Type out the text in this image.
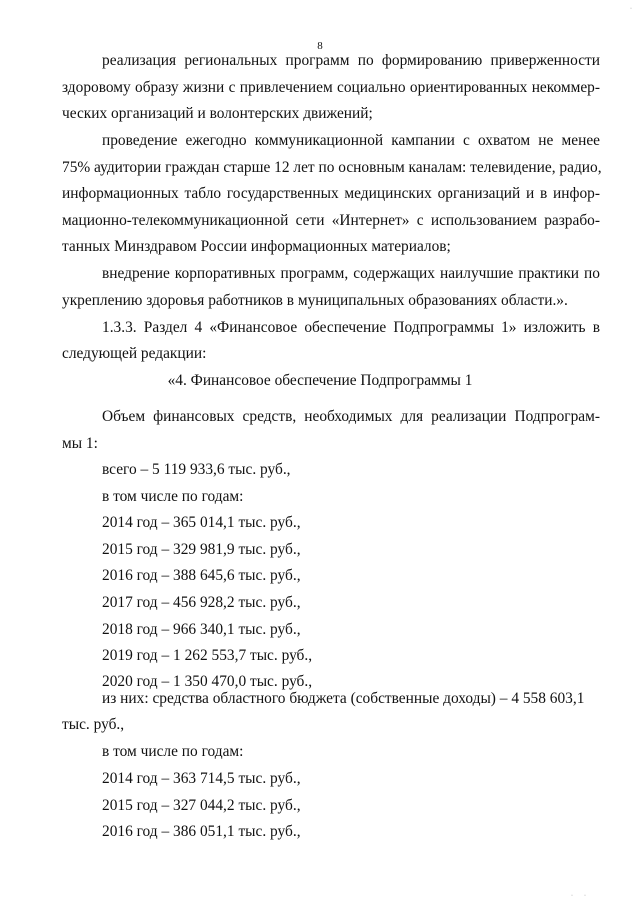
8
реализация региональных программ по формированию приверженности
здоровому образу жизни с привлечением социально ориентированных некоммер-
ческих организаций и волонтерских движений;
проведение ежегодно коммуникационной кампании с охватом не менее
75% аудитории граждан старше 12 лет по основным каналам: телевидение, радио,
информационных табло государственных медицинских организаций и в инфор-
мационно-телекоммуникационной сети «Интернет» с использованием разрабо-
танных Минздравом России информационных материалов;
внедрение корпоративных программ, содержащих наилучшие практики по
укреплению здоровья работников в муниципальных образованиях области.».
1.3.3. Раздел 4 «Финансовое обеспечение Подпрограммы 1» изложить в
следующей редакции:
«4. Финансовое обеспечение Подпрограммы 1
Объем финансовых средств, необходимых для реализации Подпрограм-
мы 1:
всего – 5 119 933,6 тыс. руб.,
в том числе по годам:
2014 год – 365 014,1 тыс. руб.,
2015 год – 329 981,9 тыс. руб.,
2016 год – 388 645,6 тыс. руб.,
2017 год – 456 928,2 тыс. руб.,
2018 год – 966 340,1 тыс. руб.,
2019 год – 1 262 553,7 тыс. руб.,
2020 год – 1 350 470,0 тыс. руб.,
из них: средства областного бюджета (собственные доходы) – 4 558 603,1
тыс. руб.,
в том числе по годам:
2014 год – 363 714,5 тыс. руб.,
2015 год – 327 044,2 тыс. руб.,
2016 год – 386 051,1 тыс. руб.,
·
· ·
